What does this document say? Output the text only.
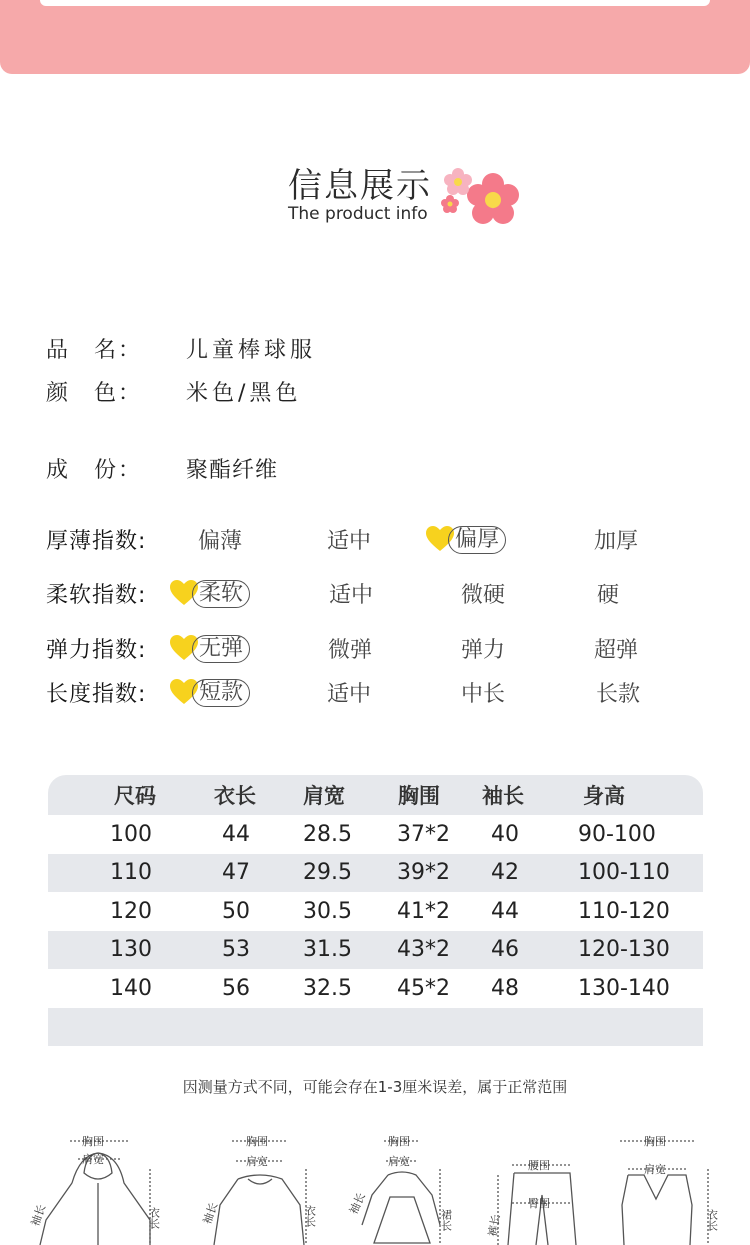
信息展示
The product info
品　名： 儿童棒球服
颜　色： 米色/黑色
成　份： 聚酯纤维
厚薄指数: 偏薄	适中	偏厚	加厚
柔软指数:	柔软	适中	微硬	硬
弹力指数:	无弹	微弹	弹力	超弹
长度指数:	短款	适中	中长	长款
尺码	衣长 肩宽	胸围 袖长	身高
100	44 28.5 37*2 40	90-100
110	47 29.5 39*2 42	100-110
120	50 30.5 41*2 44	110-120
130	53 31.5 43*2 46	120-130
140	56 32.5 45*2 48	130-140
因测量方式不同，可能会存在1-3厘米误差，属于正常范围
胸围
肩宽
袖长	衣长
胸围
肩宽
袖长	衣长
胸围
肩宽
袖长
裙长
腰围
臀围
裤长
胸围
肩宽
衣长
